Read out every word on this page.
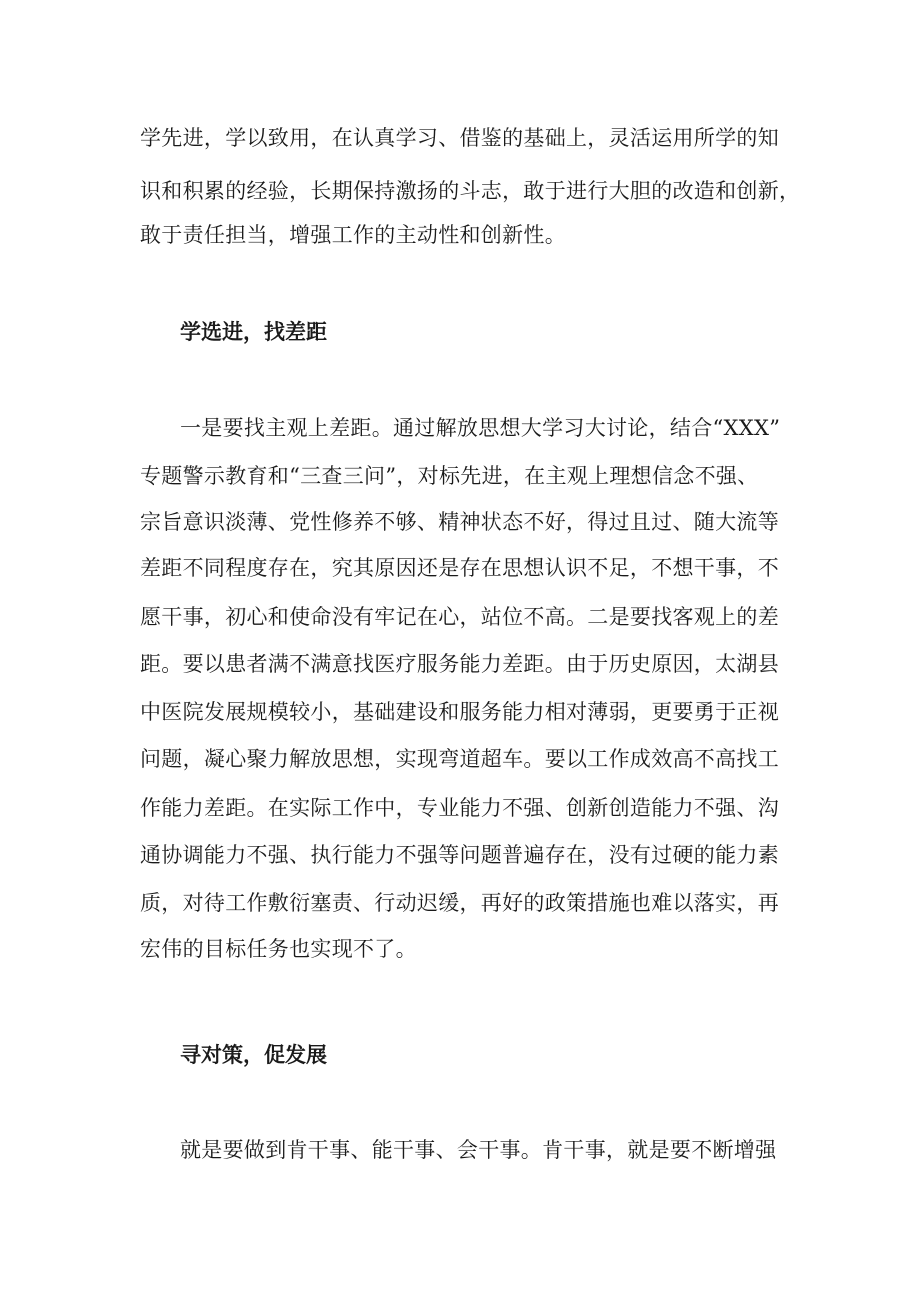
学先进，学以致用，在认真学习、借鉴的基础上，灵活运用所学的知
识和积累的经验，长期保持激扬的斗志，敢于进行大胆的改造和创新，
敢于责任担当，增强工作的主动性和创新性。
学选进，找差距
一是要找主观上差距。通过解放思想大学习大讨论，结合“XXX”
专题警示教育和“三查三问”，对标先进，在主观上理想信念不强、
宗旨意识淡薄、党性修养不够、精神状态不好，得过且过、随大流等
差距不同程度存在，究其原因还是存在思想认识不足，不想干事，不
愿干事，初心和使命没有牢记在心，站位不高。二是要找客观上的差
距。要以患者满不满意找医疗服务能力差距。由于历史原因，太湖县
中医院发展规模较小，基础建设和服务能力相对薄弱，更要勇于正视
问题，凝心聚力解放思想，实现弯道超车。要以工作成效高不高找工
作能力差距。在实际工作中，专业能力不强、创新创造能力不强、沟
通协调能力不强、执行能力不强等问题普遍存在，没有过硬的能力素
质，对待工作敷衍塞责、行动迟缓，再好的政策措施也难以落实，再
宏伟的目标任务也实现不了。
寻对策，促发展
就是要做到肯干事、能干事、会干事。肯干事，就是要不断增强
